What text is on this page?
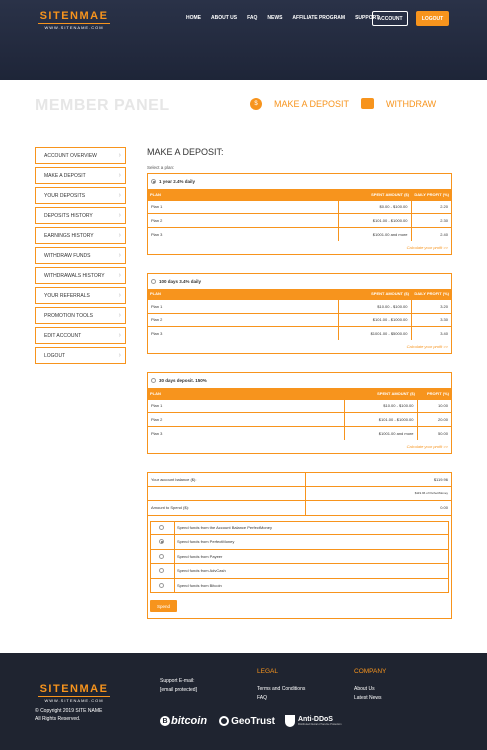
SITENMAE
WWW.SITENAME.COM
HOME ABOUT US FAQ NEWS AFFILIATE PROGRAM SUPPORT
ACCOUNT	LOGOUT
MEMBER PANEL	$	MAKE A DEPOSIT	WITHDRAW
ACCOUNT OVERVIEW	›
MAKE A DEPOSIT	›
YOUR DEPOSITS	›
DEPOSITS HISTORY	›
EARNINGS HISTORY	›
WITHDRAW FUNDS	›
WITHDRAWALS HISTORY ›
YOUR REFERRALS	›
PROMOTION TOOLS	›
EDIT ACCOUNT	›
LOGOUT	›
MAKE A DEPOSIT:
Select a plan:
1 year 2.4% daily
PLAN	SPENT AMOUNT ($)	DAILY PROFIT (%)
Plan 1	$0.00 - $100.00	2.20
Plan 2	$101.00 - $1000.00	2.30
Plan 3	$1001.00 and more	2.40
Calculate your profit >>
100 days 3.4% daily
PLAN	SPENT AMOUNT ($)	DAILY PROFIT (%)
Plan 1	$10.00 - $100.00	3.20
Plan 2	$101.00 - $1000.00	3.30
Plan 3	$1001.00 - $5000.00	3.40
Calculate your profit >>
30 days deposit. 150%
PLAN	SPENT AMOUNT ($)	PROFIT (%)
Plan 1	$10.00 - $100.00	10.00
Plan 2	$101.00 - $1000.00	20.00
Plan 3	$1001.00 and more	50.00
Calculate your profit >>
Your account balance ($):	$119.96
$119.96 of PerfectMoney
Amount to Spend ($):	0.00
Spend funds from the Account Balance PerfectMoney
Spend funds from PerfectMoney
Spend funds from Payeer
Spend funds from AdvCash
Spend funds from Bitcoin
Spend
SITENMAE
WWW.SITENAME.COM
© Copyright 2019 SITE NAME
All Rights Reserved.
Support E-mail:
[email protected]
LEGAL
Terms and Conditions
FAQ
COMPANY
About Us
Latest News
B bitcoin GeoTrust	Anti-DDoS
Distributed Denial of Service Protection
